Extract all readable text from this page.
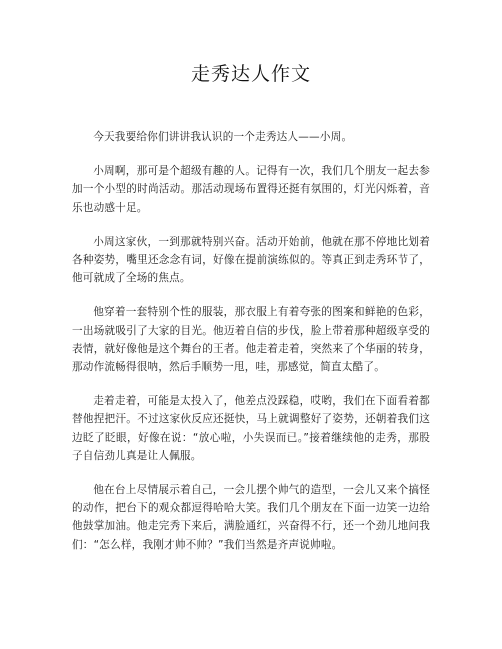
走秀达人作文

今天我要给你们讲讲我认识的一个走秀达人——小周。

小周啊，那可是个超级有趣的人。记得有一次，我们几个朋友一起去参加一个小型的时尚活动。那活动现场布置得还挺有氛围的，灯光闪烁着，音乐也动感十足。

小周这家伙，一到那就特别兴奋。活动开始前，他就在那不停地比划着各种姿势，嘴里还念念有词，好像在提前演练似的。等真正到走秀环节了，他可就成了全场的焦点。

他穿着一套特别个性的服装，那衣服上有着夸张的图案和鲜艳的色彩，一出场就吸引了大家的目光。他迈着自信的步伐，脸上带着那种超级享受的表情，就好像他是这个舞台的王者。他走着走着，突然来了个华丽的转身，那动作流畅得很呐，然后手顺势一甩，哇，那感觉，简直太酷了。

走着走着，可能是太投入了，他差点没踩稳，哎哟，我们在下面看着都替他捏把汗。不过这家伙反应还挺快，马上就调整好了姿势，还朝着我们这边眨了眨眼，好像在说：“放心啦，小失误而已。”接着继续他的走秀，那股子自信劲儿真是让人佩服。

他在台上尽情展示着自己，一会儿摆个帅气的造型，一会儿又来个搞怪的动作，把台下的观众都逗得哈哈大笑。我们几个朋友在下面一边笑一边给他鼓掌加油。他走完秀下来后，满脸通红，兴奋得不行，还一个劲儿地问我们：“怎么样，我刚才帅不帅？”我们当然是齐声说帅啦。
